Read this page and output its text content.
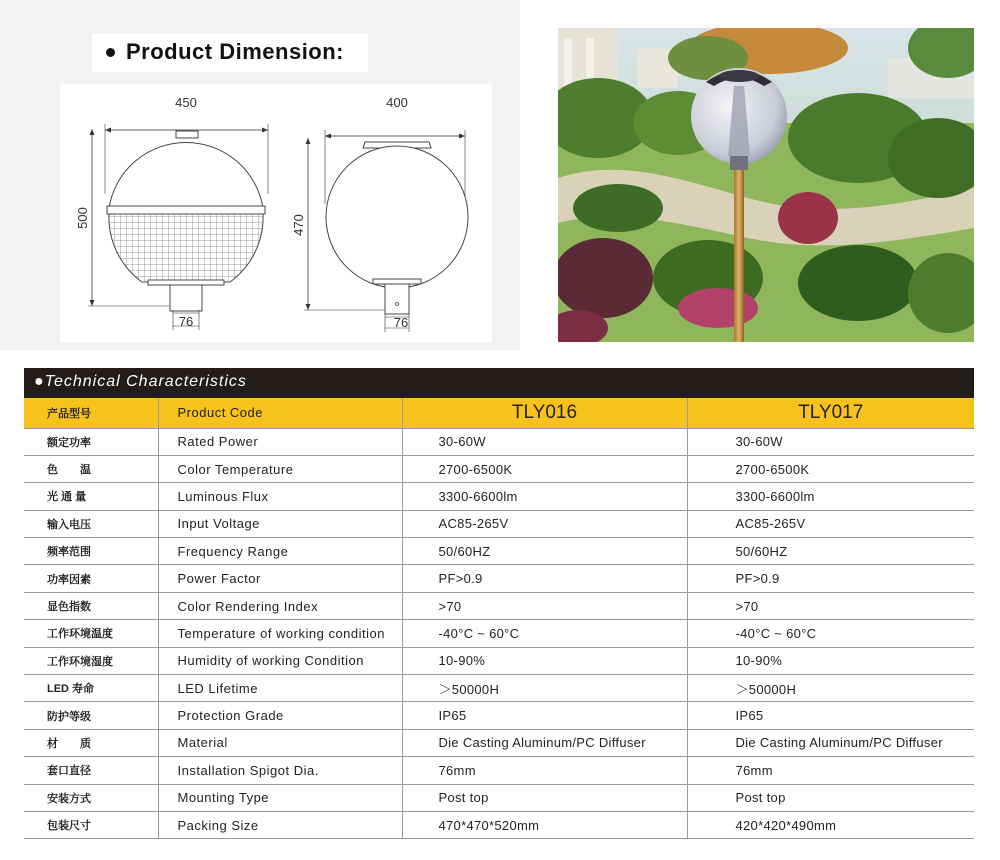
Product Dimension:
450
500
76
400
470
76
●Technical Characteristics
产品型号	Product Code	TLY016	TLY017
额定功率	Rated Power	30-60W	30-60W
色　　温	Color Temperature	2700-6500K	2700-6500K
光 通 量	Luminous Flux	3300-6600lm	3300-6600lm
输入电压	Input Voltage	AC85-265V	AC85-265V
频率范围	Frequency Range	50/60HZ	50/60HZ
功率因素	Power Factor	PF>0.9	PF>0.9
显色指数	Color Rendering Index	>70	>70
工作环境温度	Temperature of working condition	-40°C ~ 60°C	-40°C ~ 60°C
工作环境湿度	Humidity of working Condition	10-90%	10-90%
LED 寿命	LED Lifetime	＞50000H	＞50000H
防护等级	Protection Grade	IP65	IP65
材　　质	Material	Die Casting Aluminum/PC Diffuser	Die Casting Aluminum/PC Diffuser
套口直径	Installation Spigot Dia.	76mm	76mm
安装方式	Mounting Type	Post top	Post top
包装尺寸	Packing Size	470*470*520mm	420*420*490mm
